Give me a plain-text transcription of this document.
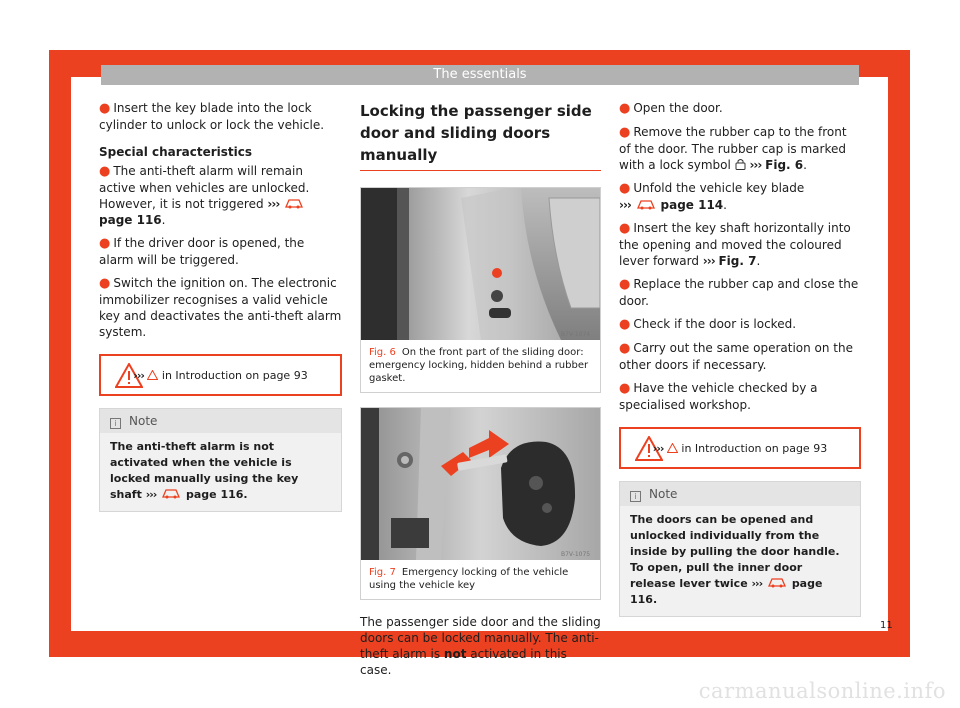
The essentials

● Insert the key blade into the lock cylinder to unlock or lock the vehicle.

Special characteristics

● The anti-theft alarm will remain active when vehicles are unlocked. However, it is not triggered ›››  page 116.

● If the driver door is opened, the alarm will be triggered.

● Switch the ignition on. The electronic immobilizer recognises a valid vehicle key and deactivates the anti-theft alarm system.

››› in Introduction on page 93
i Note
The anti-theft alarm is not activated when the vehicle is locked manually using the key shaft ›››	page 116.
Locking the passenger side door and sliding doors manually
B7V-1074
Fig. 6 On the front part of the sliding door: emergency locking, hidden behind a rubber gasket.
B7V-1075
Fig. 7 Emergency locking of the vehicle using the vehicle key

The passenger side door and the sliding doors can be locked manually. The anti-theft alarm is not activated in this case.

● Open the door.

● Remove the rubber cap to the front of the door. The rubber cap is marked with a lock symbol ››› Fig. 6.

● Unfold the vehicle key blade
››› page 114.

● Insert the key shaft horizontally into the opening and moved the coloured lever forward ››› Fig. 7.

● Replace the rubber cap and close the door.

● Check if the door is locked.

● Carry out the same operation on the other doors if necessary.

● Have the vehicle checked by a specialised workshop.

››› in Introduction on page 93
i Note
The doors can be opened and unlocked individually from the inside by pulling the door handle. To open, pull the inner door release lever twice ›››	page 116.
11
carmanualsonline.info
